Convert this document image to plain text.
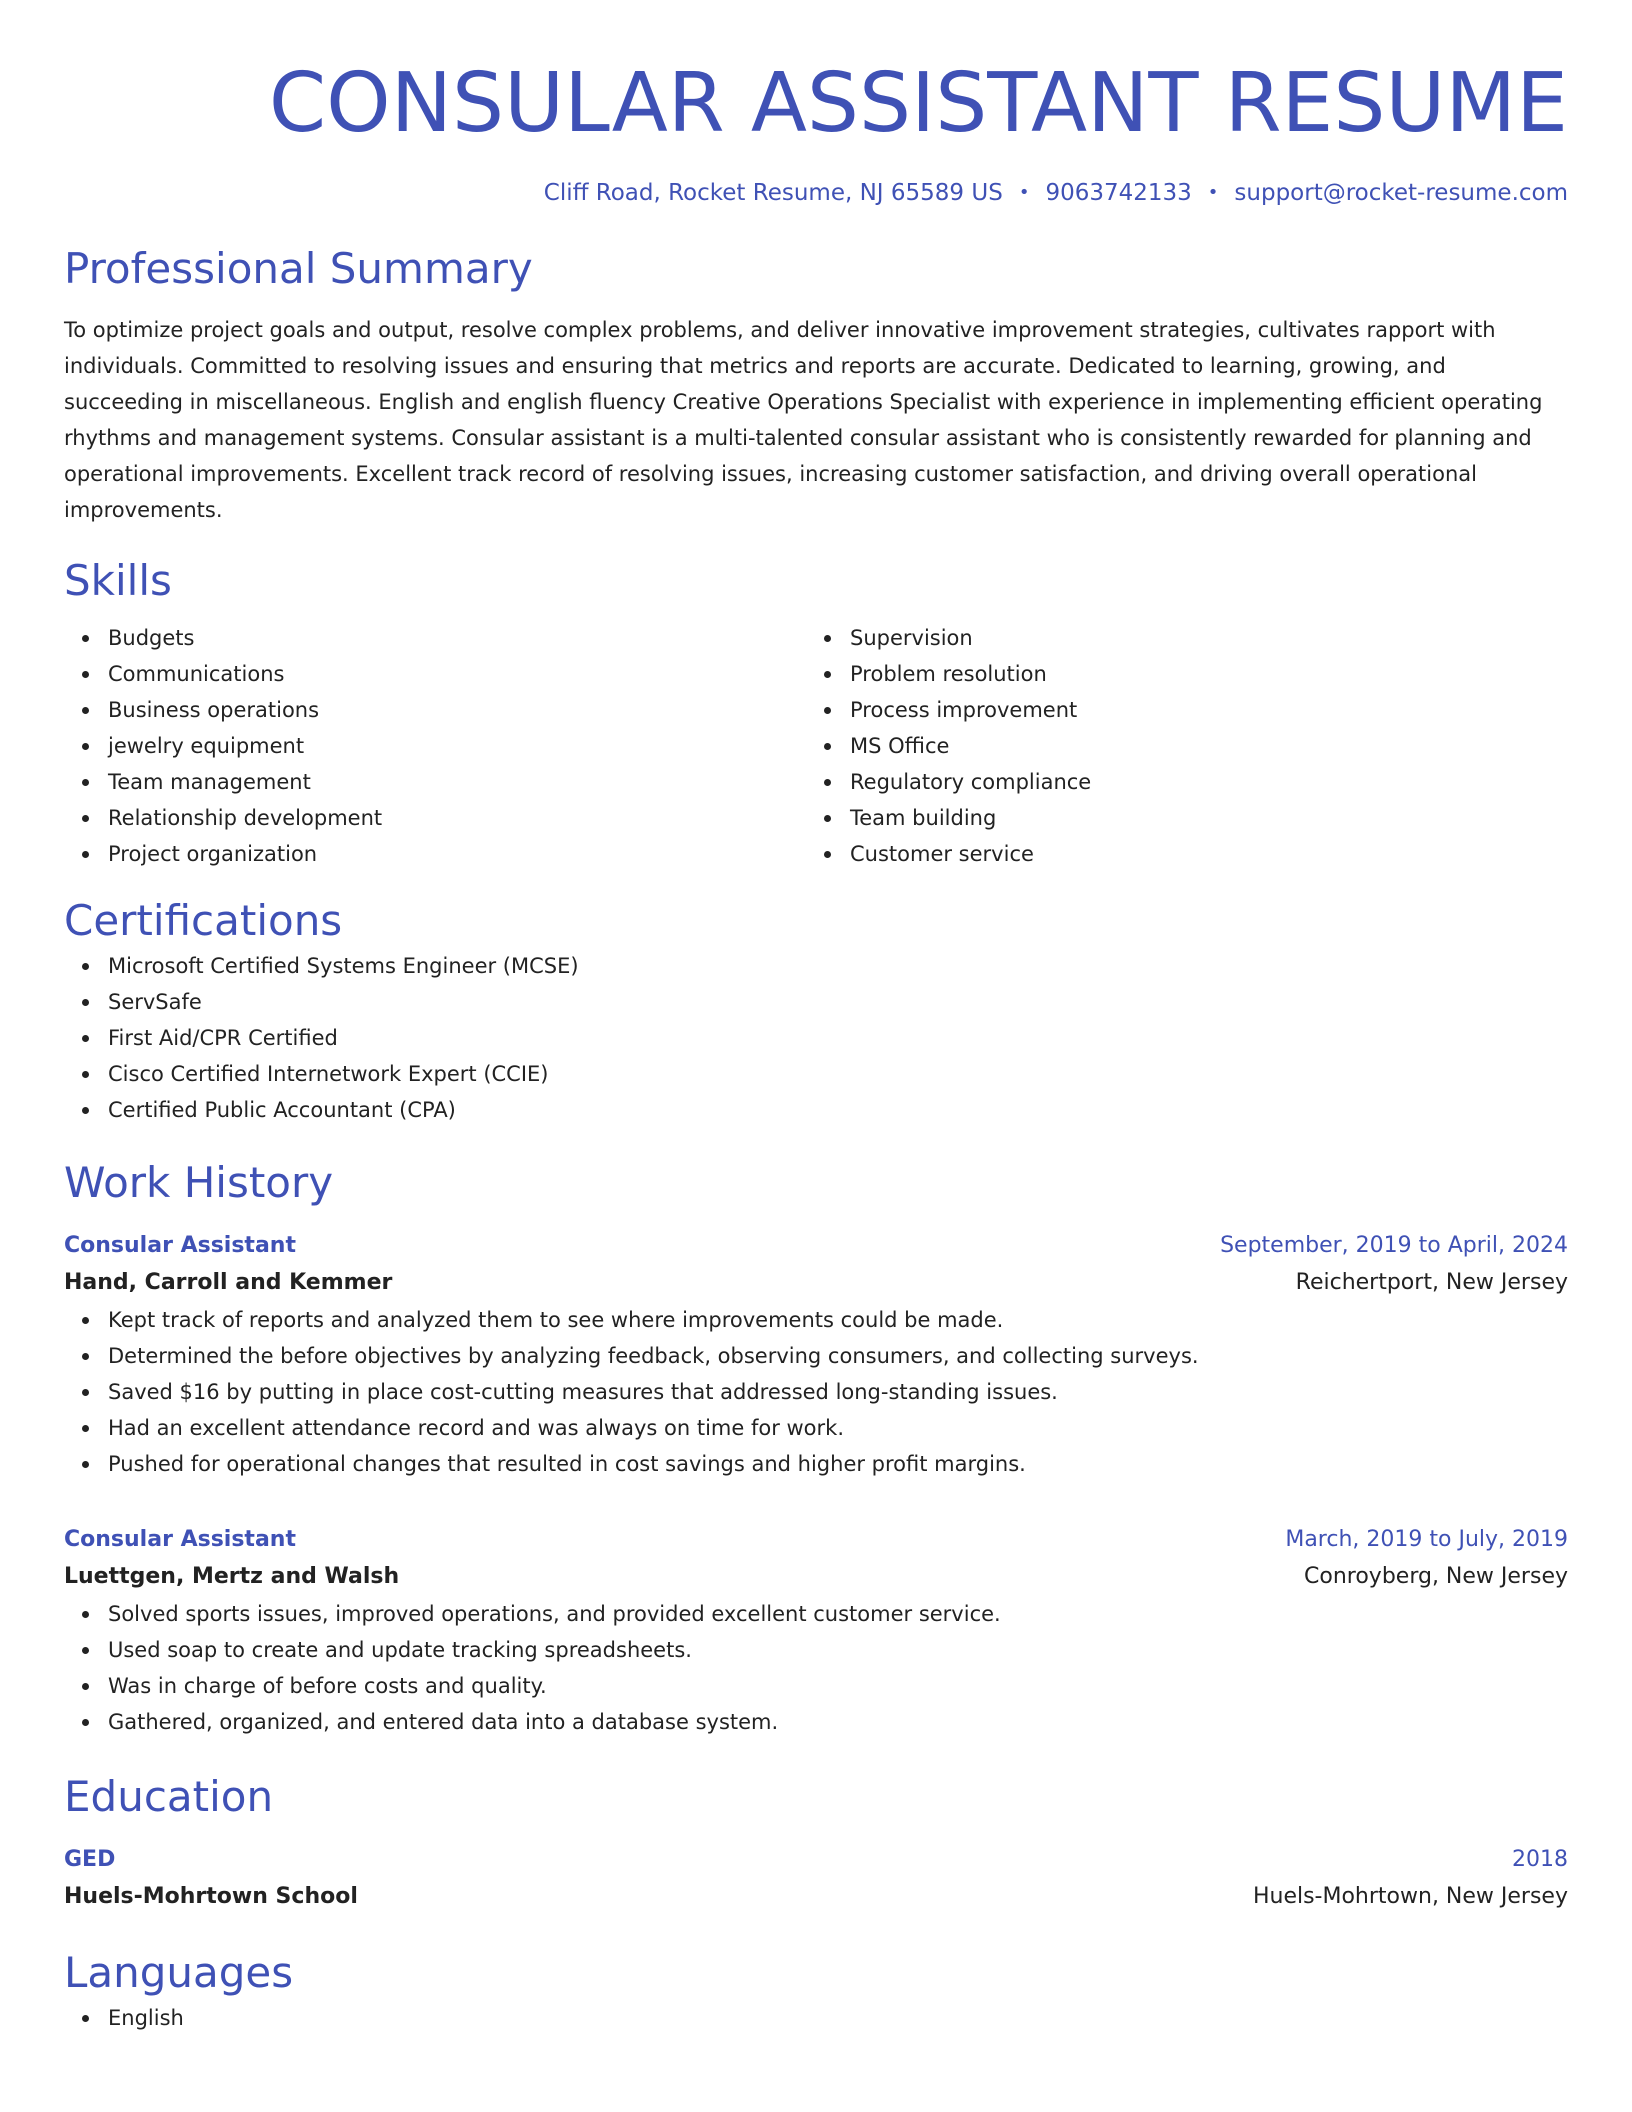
CONSULAR ASSISTANT RESUME
Cliff Road, Rocket Resume, NJ 65589 US • 9063742133 • support@rocket-resume.com
Professional Summary

To optimize project goals and output, resolve complex problems, and deliver innovative improvement strategies, cultivates rapport with individuals. Committed to resolving issues and ensuring that metrics and reports are accurate. Dedicated to learning, growing, and succeeding in miscellaneous. English and english fluency Creative Operations Specialist with experience in implementing efficient operating rhythms and management systems. Consular assistant is a multi-talented consular assistant who is consistently rewarded for planning and operational improvements. Excellent track record of resolving issues, increasing customer satisfaction, and driving overall operational improvements.

Skills
Budgets
Communications
Business operations
jewelry equipment
Team management
Relationship development
Project organization
Supervision
Problem resolution
Process improvement
MS Office
Regulatory compliance
Team building
Customer service
Certifications
Microsoft Certified Systems Engineer (MCSE)
ServSafe
First Aid/CPR Certified
Cisco Certified Internetwork Expert (CCIE)
Certified Public Accountant (CPA)
Work History
Consular Assistant	September, 2019 to April, 2024
Hand, Carroll and Kemmer	Reichertport, New Jersey
Kept track of reports and analyzed them to see where improvements could be made.
Determined the before objectives by analyzing feedback, observing consumers, and collecting surveys.
Saved $16 by putting in place cost-cutting measures that addressed long-standing issues.
Had an excellent attendance record and was always on time for work.
Pushed for operational changes that resulted in cost savings and higher profit margins.
Consular Assistant	March, 2019 to July, 2019
Luettgen, Mertz and Walsh	Conroyberg, New Jersey
Solved sports issues, improved operations, and provided excellent customer service.
Used soap to create and update tracking spreadsheets.
Was in charge of before costs and quality.
Gathered, organized, and entered data into a database system.
Education
GED	2018
Huels-Mohrtown School	Huels-Mohrtown, New Jersey
Languages
English
